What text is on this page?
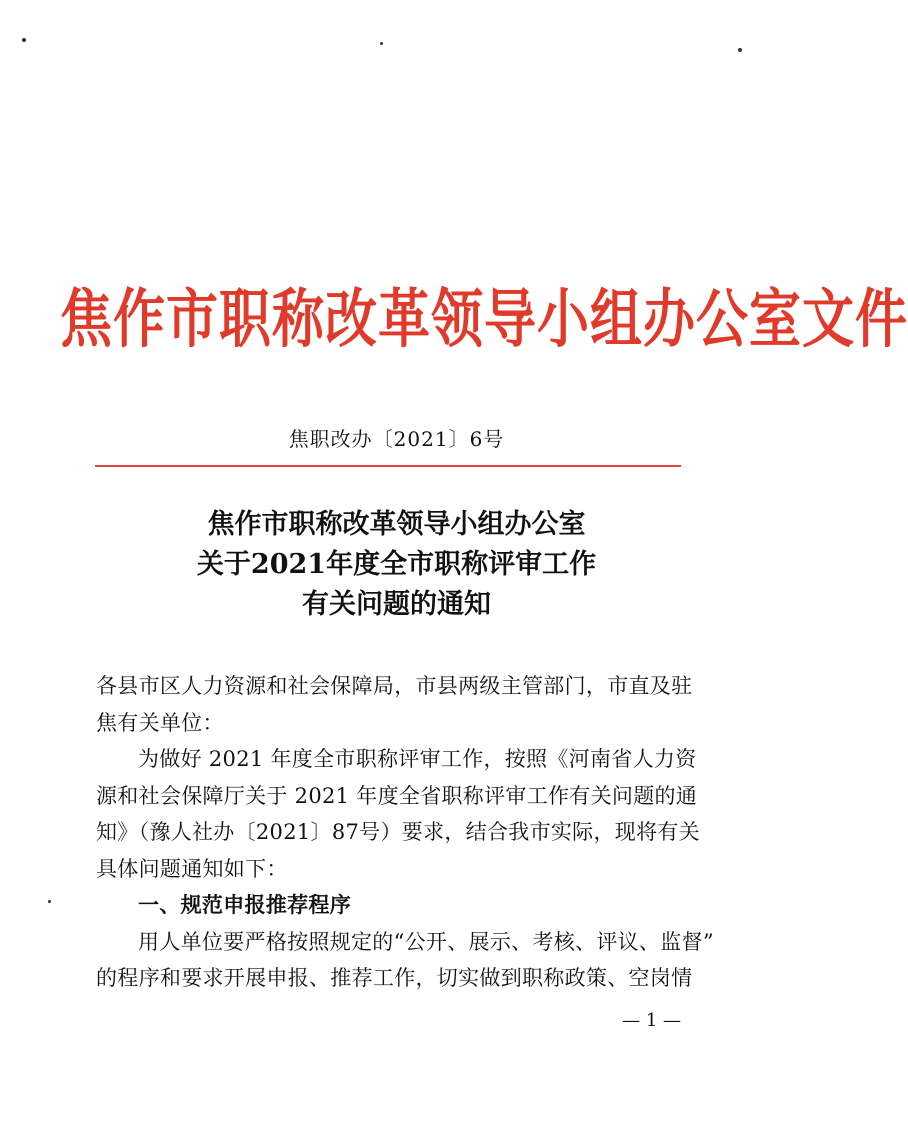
焦作市职称改革领导小组办公室文件
焦职改办〔2021〕6号
焦作市职称改革领导小组办公室
关于2021年度全市职称评审工作
有关问题的通知
各县市区人力资源和社会保障局，市县两级主管部门，市直及驻
焦有关单位：
为做好 2021 年度全市职称评审工作，按照《河南省人力资
源和社会保障厅关于 2021 年度全省职称评审工作有关问题的通
知》（豫人社办〔2021〕87号）要求，结合我市实际，现将有关
具体问题通知如下：
一、规范申报推荐程序
用人单位要严格按照规定的“公开、展示、考核、评议、监督”
的程序和要求开展申报、推荐工作，切实做到职称政策、空岗情
— 1 —
